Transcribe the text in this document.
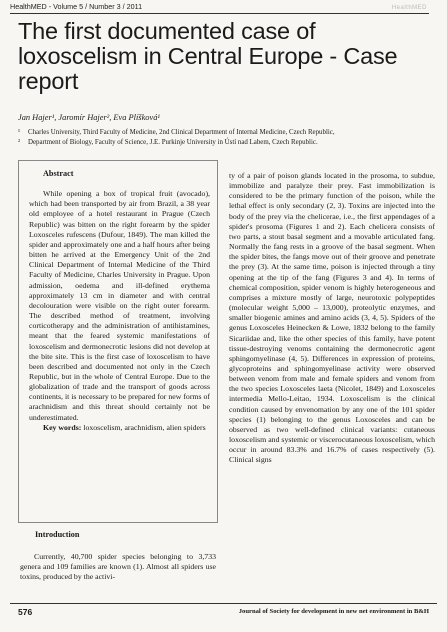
HealthMED - Volume 5 / Number 3 / 2011	HealthMED
The first documented case of loxoscelism in Central Europe - Case report
Jan Hajer¹, Jaromír Hajer², Eva Plíšková¹
¹ Charles University, Third Faculty of Medicine, 2nd Clinical Department of Internal Medicine, Czech Republic,
² Department of Biology, Faculty of Science, J.E. Purkinje University in Ústí nad Labem, Czech Republic.
Abstract

While opening a box of tropical fruit (avocado), which had been transported by air from Brazil, a 38 year old employee of a hotel restaurant in Prague (Czech Republic) was bitten on the right forearm by the spider Loxosceles rufescens (Dufour, 1849). The man killed the spider and approximately one and a half hours after being bitten he arrived at the Emergency Unit of the 2nd Clinical Department of Internal Medicine of the Third Faculty of Medicine, Charles University in Prague. Upon admission, oedema and ill-defined erythema approximately 13 cm in diameter and with central decolouration were visible on the right outer forearm. The described method of treatment, involving corticotherapy and the administration of antihistamines, meant that the feared systemic manifestations of loxoscelism and dermonecrotic lesions did not develop at the bite site. This is the first case of loxoscelism to have been described and documented not only in the Czech Republic, but in the whole of Central Europe. Due to the globalization of trade and the transport of goods across continents, it is necessary to be prepared for new forms of arachnidism and this threat should certainly not be underestimated.

Key words: loxoscelism, arachnidism, alien spiders

Introduction

Currently, 40,700 spider species belonging to 3,733 genera and 109 families are known (1). Almost all spiders use toxins, produced by the activi-

ty of a pair of poison glands located in the prosoma, to subdue, immobilize and paralyze their prey. Fast immobilization is considered to be the primary function of the poison, while the lethal effect is only secondary (2, 3). Toxins are injected into the body of the prey via the chelicerae, i.e., the first appendages of a spider's prosoma (Figures 1 and 2). Each chelicera consists of two parts, a stout basal segment and a movable articulated fang. Normally the fang rests in a groove of the basal segment. When the spider bites, the fangs move out of their groove and penetrate the prey (3). At the same time, poison is injected through a tiny opening at the tip of the fang (Figures 3 and 4). In terms of chemical composition, spider venom is highly heterogeneous and comprises a mixture mostly of large, neurotoxic polypeptides (molecular weight 5,000 – 13,000), proteolytic enzymes, and smaller biogenic amines and amino acids (3, 4, 5). Spiders of the genus Loxosceles Heinecken & Lowe, 1832 belong to the family Sicariidae and, like the other species of this family, have potent tissue-destroying venoms containing the dermonecrotic agent sphingomyelinase (4, 5). Differences in expression of proteins, glycoproteins and sphingomyelinase activity were observed between venom from male and female spiders and venom from the two species Loxosceles laeta (Nicolet, 1849) and Loxosceles intermedia Mello-Leitao, 1934. Loxoscelism is the clinical condition caused by envenomation by any one of the 101 spider species (1) belonging to the genus Loxosceles and can be observed as two well-defined clinical variants: cutaneous loxoscelism and systemic or viscerocutaneous loxoscelism, which occur in around 83.3% and 16.7% of cases respectively (5). Clinical signs

576	Journal of Society for development in new net environment in B&H
